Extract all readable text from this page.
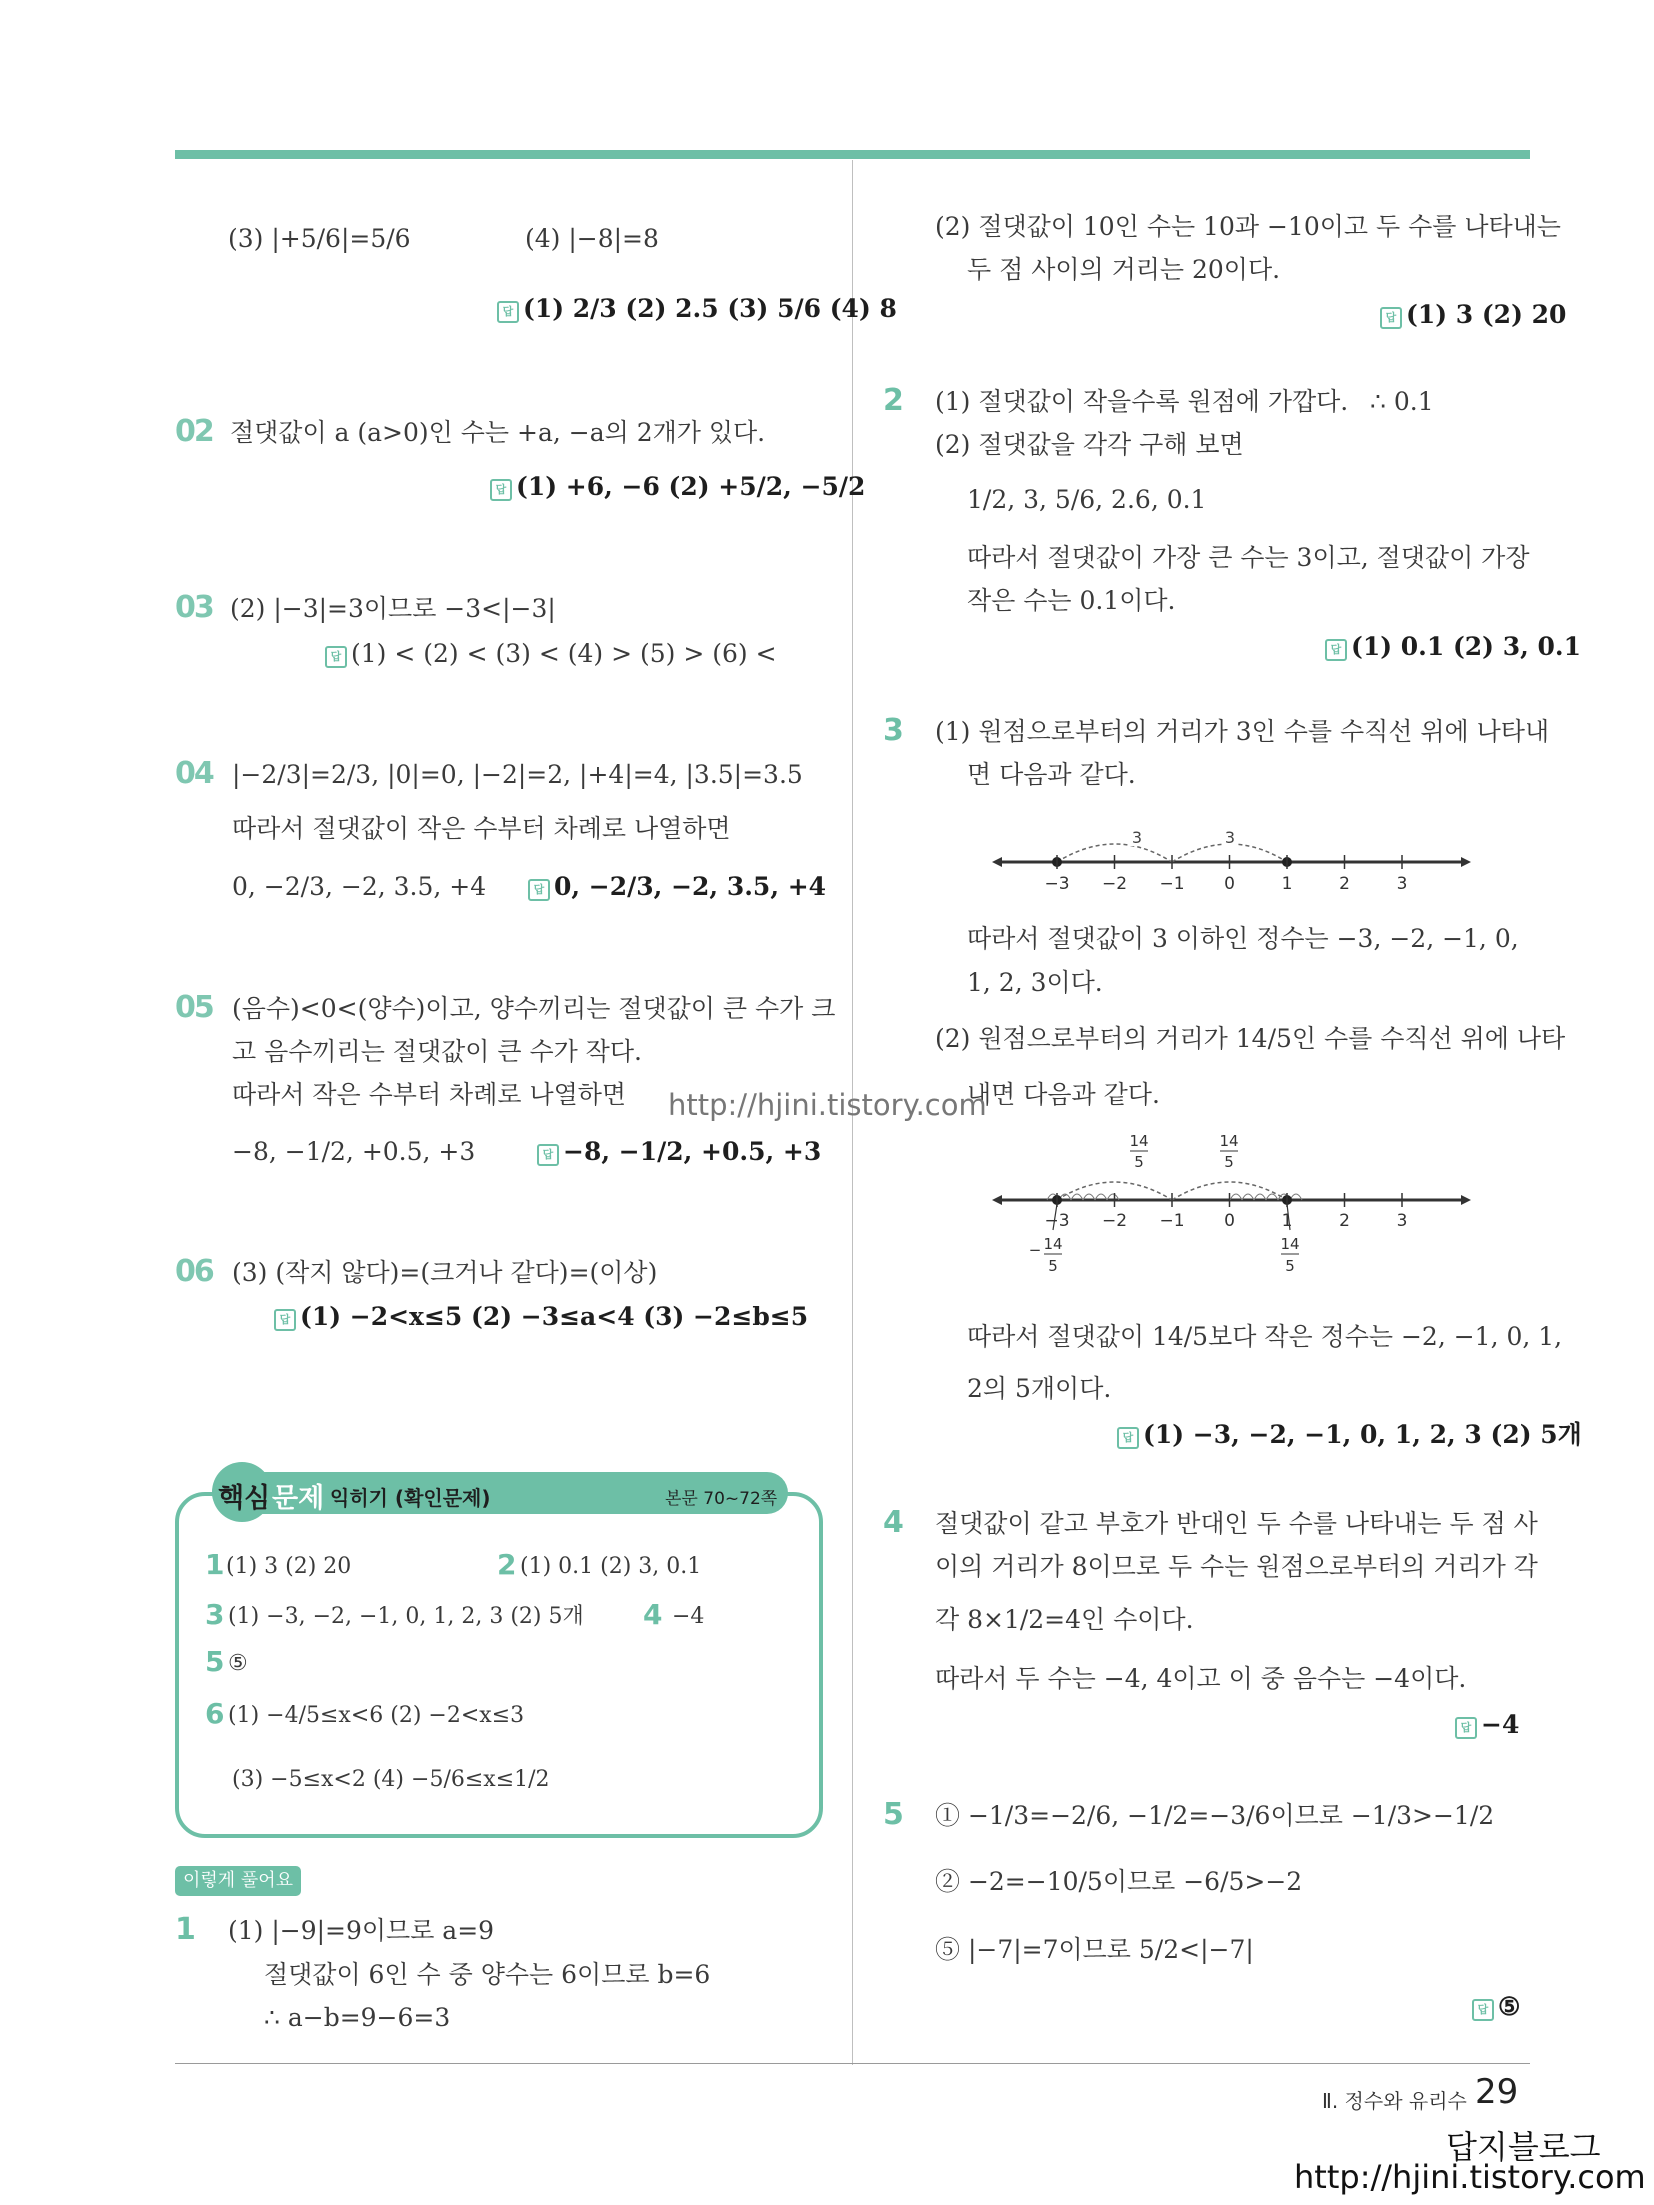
(3) |+5/6|=5/6	(4) |−8|=8
답 (1) 2/3 (2) 2.5 (3) 5/6 (4) 8
02 절댓값이 a (a>0)인 수는 +a, −a의 2개가 있다.
답 (1) +6, −6 (2) +5/2, −5/2
03 (2) |−3|=3이므로 −3<|−3|
답 (1) < (2) < (3) < (4) > (5) > (6) <
04 |−2/3|=2/3, |0|=0, |−2|=2, |+4|=4, |3.5|=3.5
따라서 절댓값이 작은 수부터 차례로 나열하면
0, −2/3, −2, 3.5, +4	답 0, −2/3, −2, 3.5, +4
05 (음수)<0<(양수)이고, 양수끼리는 절댓값이 큰 수가 크
고 음수끼리는 절댓값이 큰 수가 작다.
따라서 작은 수부터 차례로 나열하면
−8, −1/2, +0.5, +3	답 −8, −1/2, +0.5, +3
06 (3) (작지 않다)=(크거나 같다)=(이상)
답 (1) −2<x≤5 (2) −3≤a<4 (3) −2≤b≤5
핵심 문제 익히기 (확인문제)	본문 70~72쪽
1 (1) 3 (2) 20	2 (1) 0.1 (2) 3, 0.1
3 (1) −3, −2, −1, 0, 1, 2, 3 (2) 5개 4 −4
5 ⑤
6 (1) −4/5≤x<6 (2) −2<x≤3
(3) −5≤x<2 (4) −5/6≤x≤1/2
이렇게 풀어요
1 (1) |−9|=9이므로 a=9
절댓값이 6인 수 중 양수는 6이므로 b=6
∴ a−b=9−6=3
(2) 절댓값이 10인 수는 10과 −10이고 두 수를 나타내는
두 점 사이의 거리는 20이다.
답 (1) 3 (2) 20
2 (1) 절댓값이 작을수록 원점에 가깝다. ∴ 0.1
(2) 절댓값을 각각 구해 보면
1/2, 3, 5/6, 2.6, 0.1
따라서 절댓값이 가장 큰 수는 3이고, 절댓값이 가장
작은 수는 0.1이다.
답 (1) 0.1 (2) 3, 0.1
3 (1) 원점으로부터의 거리가 3인 수를 수직선 위에 나타내
면 다음과 같다.
3	3
−3 −2 −1 0	1	2	3
따라서 절댓값이 3 이하인 정수는 −3, −2, −1, 0,
1, 2, 3이다.
(2) 원점으로부터의 거리가 14/5인 수를 수직선 위에 나타
내면 다음과 같다.
14
5
14
5
− 14
5
14
5
−3 −2 −1 0	1	2	3
따라서 절댓값이 14/5보다 작은 정수는 −2, −1, 0, 1,
2의 5개이다.
답 (1) −3, −2, −1, 0, 1, 2, 3 (2) 5개
4 절댓값이 같고 부호가 반대인 두 수를 나타내는 두 점 사
이의 거리가 8이므로 두 수는 원점으로부터의 거리가 각
각 8×1/2=4인 수이다.
따라서 두 수는 −4, 4이고 이 중 음수는 −4이다.
답 −4
5 ① −1/3=−2/6, −1/2=−3/6이므로 −1/3>−1/2
② −2=−10/5이므로 −6/5>−2
⑤ |−7|=7이므로 5/2<|−7|
답 ⑤
http://hjini.tistory.com
Ⅱ. 정수와 유리수 29
답지블로그
http://hjini.tistory.com
